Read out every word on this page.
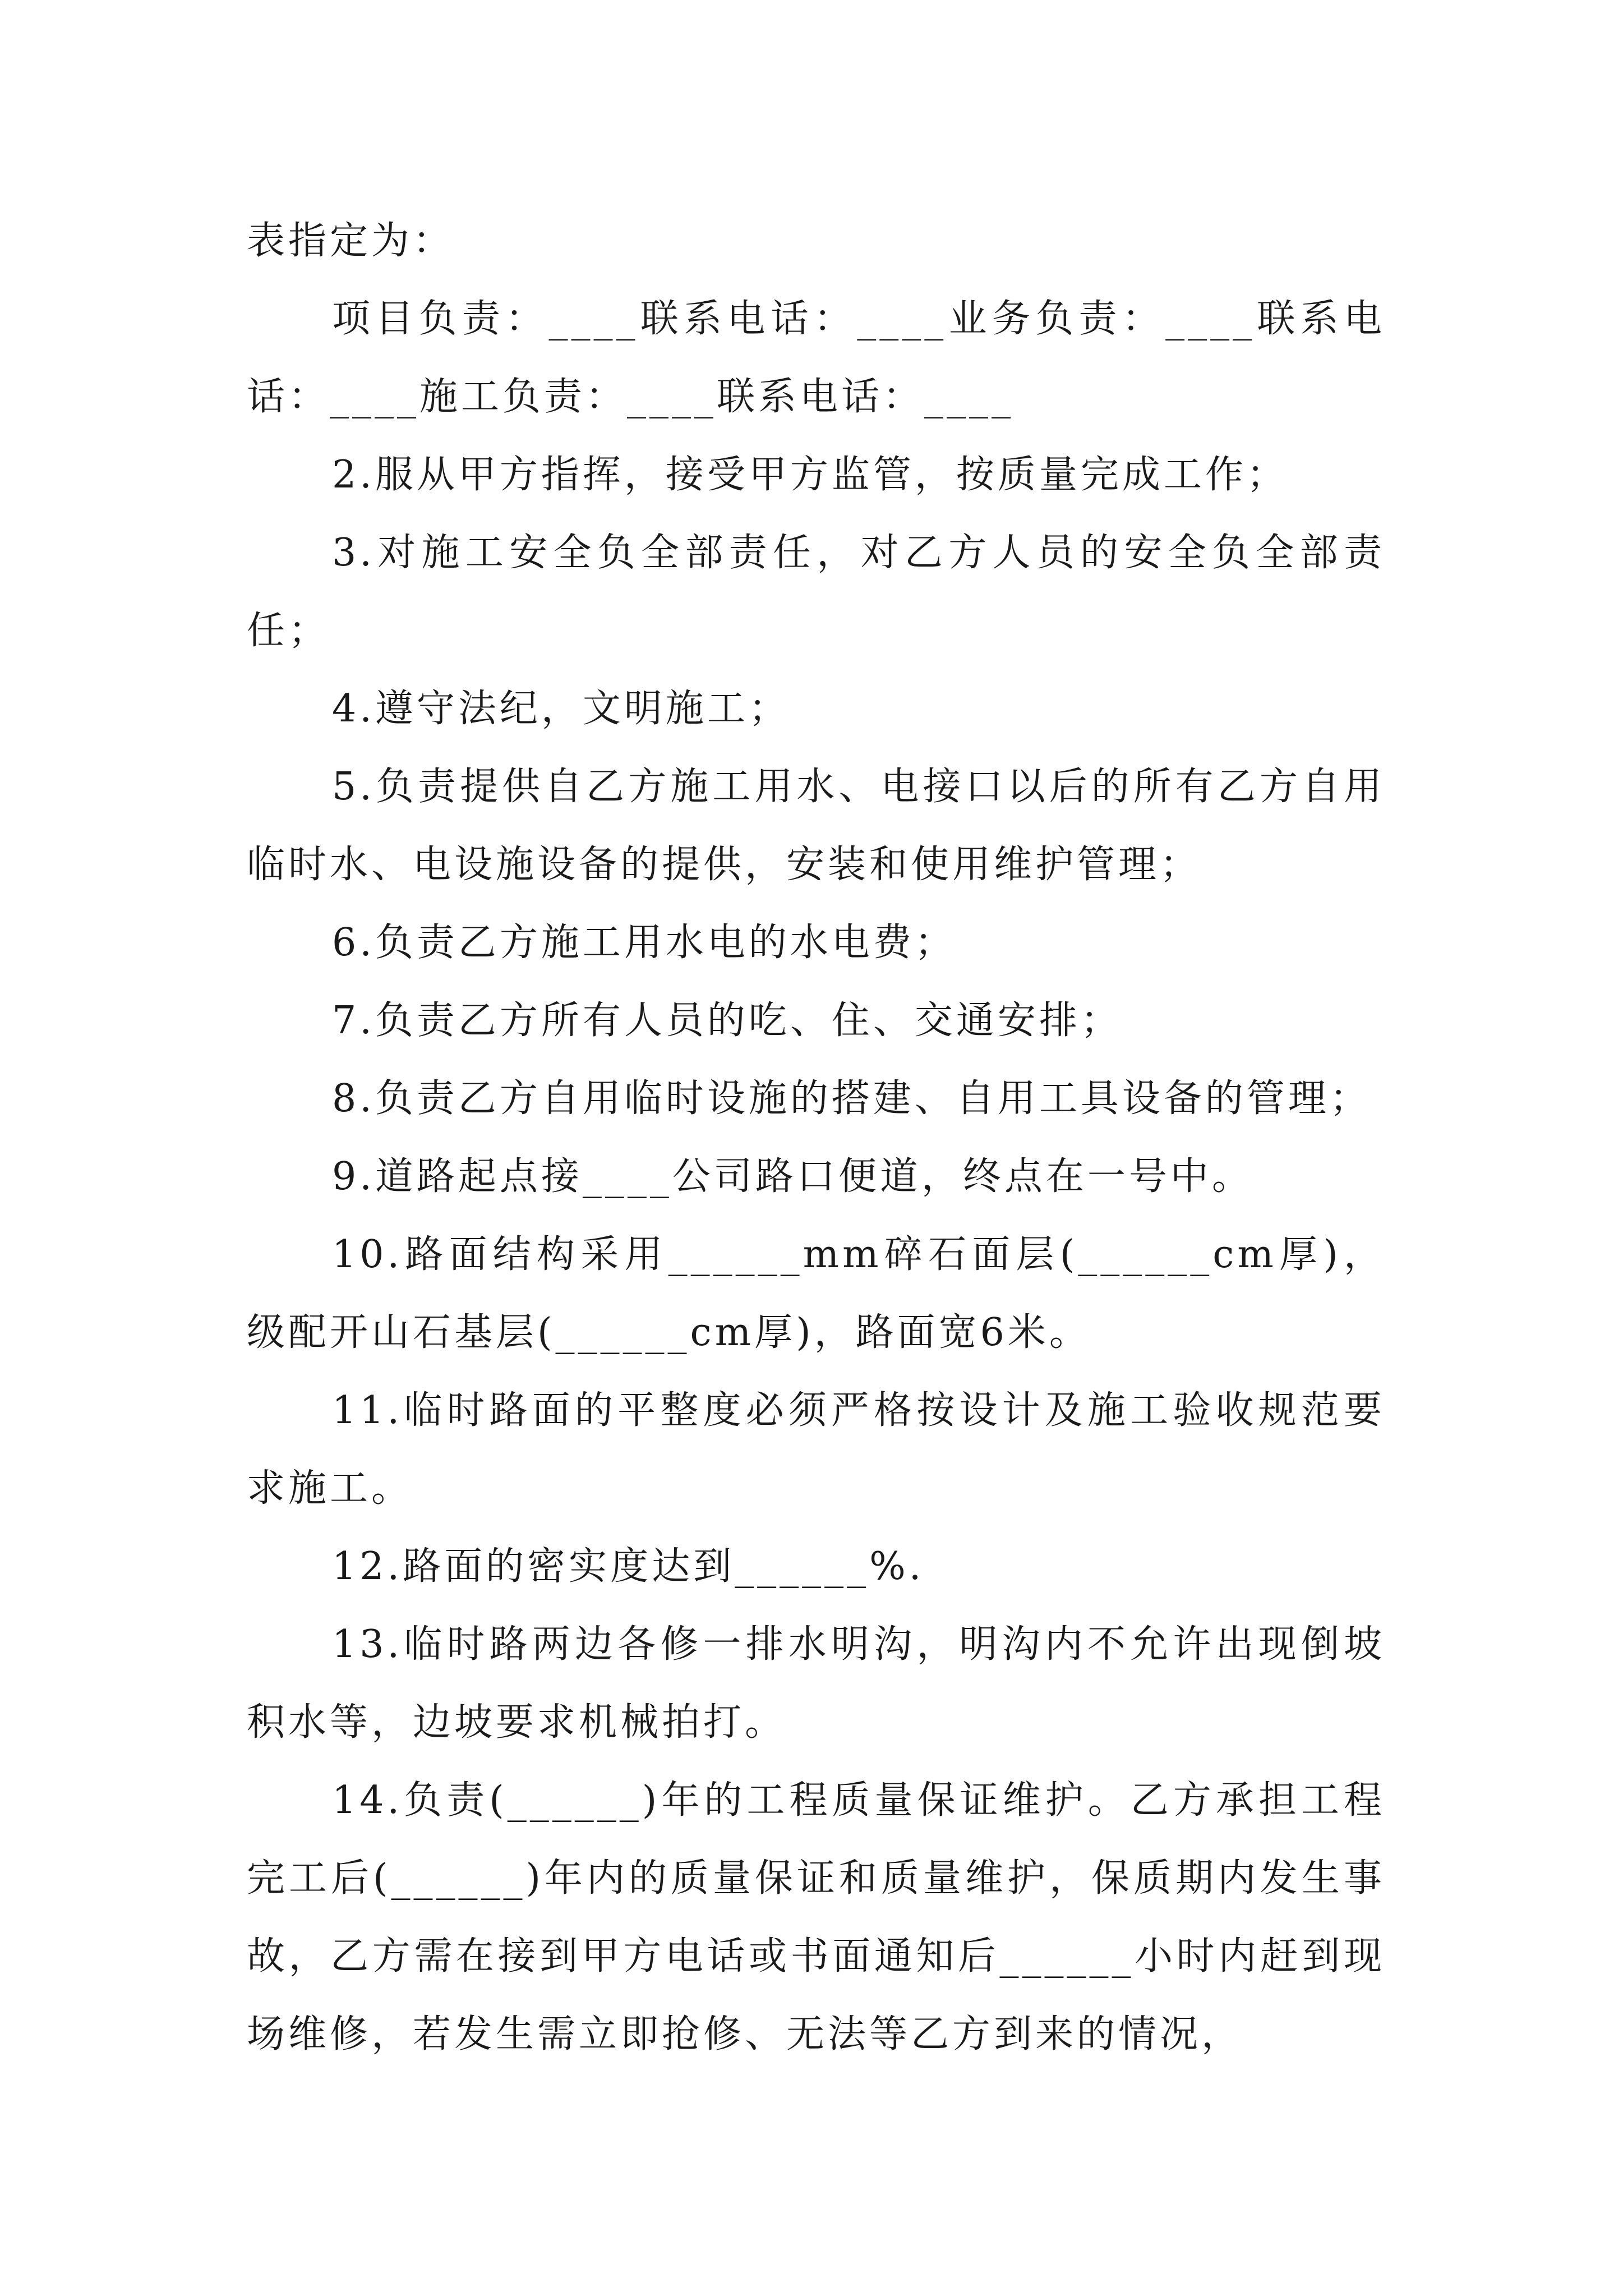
表指定为：

项目负责：____联系电话：____业务负责：____联系电话：____施工负责：____联系电话：____

2.服从甲方指挥，接受甲方监管，按质量完成工作；

3.对施工安全负全部责任，对乙方人员的安全负全部责任；

4.遵守法纪，文明施工；

5.负责提供自乙方施工用水、电接口以后的所有乙方自用临时水、电设施设备的提供，安装和使用维护管理；

6.负责乙方施工用水电的水电费；

7.负责乙方所有人员的吃、住、交通安排；

8.负责乙方自用临时设施的搭建、自用工具设备的管理；

9.道路起点接____公司路口便道，终点在一号中。

10.路面结构采用______mm碎石面层(______cm厚)，级配开山石基层(______cm厚)，路面宽6米。

11.临时路面的平整度必须严格按设计及施工验收规范要求施工。

12.路面的密实度达到______%.

13.临时路两边各修一排水明沟，明沟内不允许出现倒坡积水等，边坡要求机械拍打。

14.负责(______)年的工程质量保证维护。乙方承担工程完工后(______)年内的质量保证和质量维护，保质期内发生事故，乙方需在接到甲方电话或书面通知后______小时内赶到现场维修，若发生需立即抢修、无法等乙方到来的情况，
